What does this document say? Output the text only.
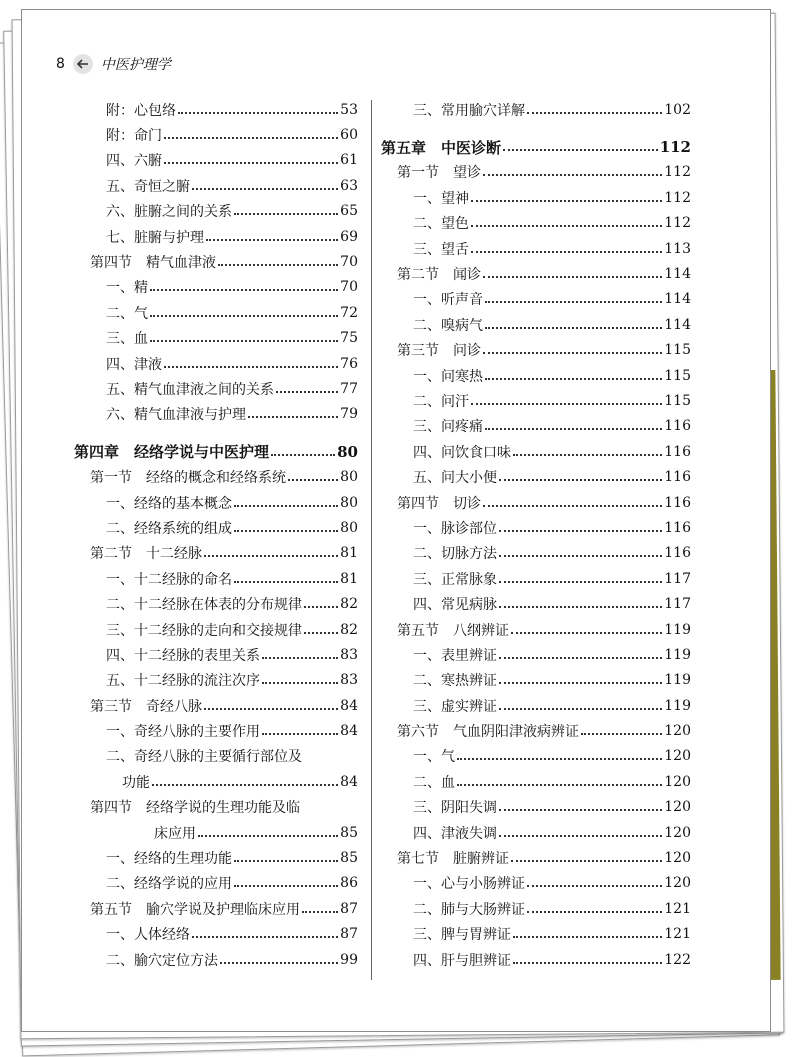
8	中医护理学
附：心包络	53
附：命门	60
四、六腑	61
五、奇恒之腑	63
六、脏腑之间的关系	65
七、脏腑与护理	69
第四节　精气血津液	70
一、精	70
二、气	72
三、血	75
四、津液	76
五、精气血津液之间的关系	77
六、精气血津液与护理	79
第四章　经络学说与中医护理	80
第一节　经络的概念和经络系统	80
一、经络的基本概念	80
二、经络系统的组成	80
第二节　十二经脉	81
一、十二经脉的命名	81
二、十二经脉在体表的分布规律	82
三、十二经脉的走向和交接规律	82
四、十二经脉的表里关系	83
五、十二经脉的流注次序	83
第三节　奇经八脉	84
一、奇经八脉的主要作用	84
二、奇经八脉的主要循行部位及
功能	84
第四节　经络学说的生理功能及临
床应用	85
一、经络的生理功能	85
二、经络学说的应用	86
第五节　腧穴学说及护理临床应用	87
一、人体经络	87
二、腧穴定位方法	99
三、常用腧穴详解	102
第五章　中医诊断	112
第一节　望诊	112
一、望神	112
二、望色	112
三、望舌	113
第二节　闻诊	114
一、听声音	114
二、嗅病气	114
第三节　问诊	115
一、问寒热	115
二、问汗	115
三、问疼痛	116
四、问饮食口味	116
五、问大小便	116
第四节　切诊	116
一、脉诊部位	116
二、切脉方法	116
三、正常脉象	117
四、常见病脉	117
第五节　八纲辨证	119
一、表里辨证	119
二、寒热辨证	119
三、虚实辨证	119
第六节　气血阴阳津液病辨证	120
一、气	120
二、血	120
三、阴阳失调	120
四、津液失调	120
第七节　脏腑辨证	120
一、心与小肠辨证	120
二、肺与大肠辨证	121
三、脾与胃辨证	121
四、肝与胆辨证	122
